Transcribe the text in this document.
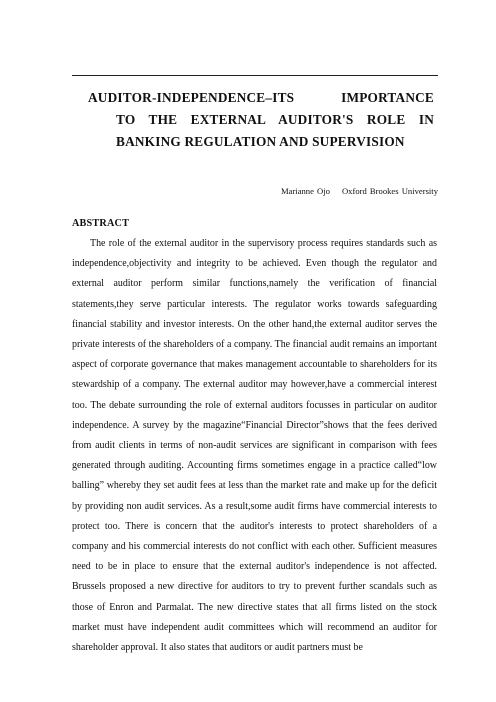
AUDITOR-INDEPENDENCE–ITS IMPORTANCE
TO THE EXTERNAL AUDITOR'S ROLE IN
BANKING REGULATION AND SUPERVISION
Marianne Ojo Oxford Brookes University
ABSTRACT

The role of the external auditor in the supervisory process requires standards such as independence,objectivity and integrity to be achieved. Even though the regulator and external auditor perform similar functions,namely the verification of financial statements,they serve particular interests. The regulator works towards safeguarding financial stability and investor interests. On the other hand,the external auditor serves the private interests of the shareholders of a company. The financial audit remains an important aspect of corporate governance that makes management accountable to shareholders for its stewardship of a company. The external auditor may however,have a commercial interest too. The debate surrounding the role of external auditors focusses in particular on auditor independence. A survey by the magazine“Financial Director”shows that the fees derived from audit clients in terms of non-audit services are significant in comparison with fees generated through auditing. Accounting firms sometimes engage in a practice called“low balling” whereby they set audit fees at less than the market rate and make up for the deficit by providing non audit services. As a result,some audit firms have commercial interests to protect too. There is concern that the auditor's interests to protect shareholders of a company and his commercial interests do not conflict with each other. Sufficient measures need to be in place to ensure that the external auditor's independence is not affected. Brussels proposed a new directive for auditors to try to prevent further scandals such as those of Enron and Parmalat. The new directive states that all firms listed on the stock market must have independent audit committees which will recommend an auditor for shareholder approval. It also states that auditors or audit partners must be
